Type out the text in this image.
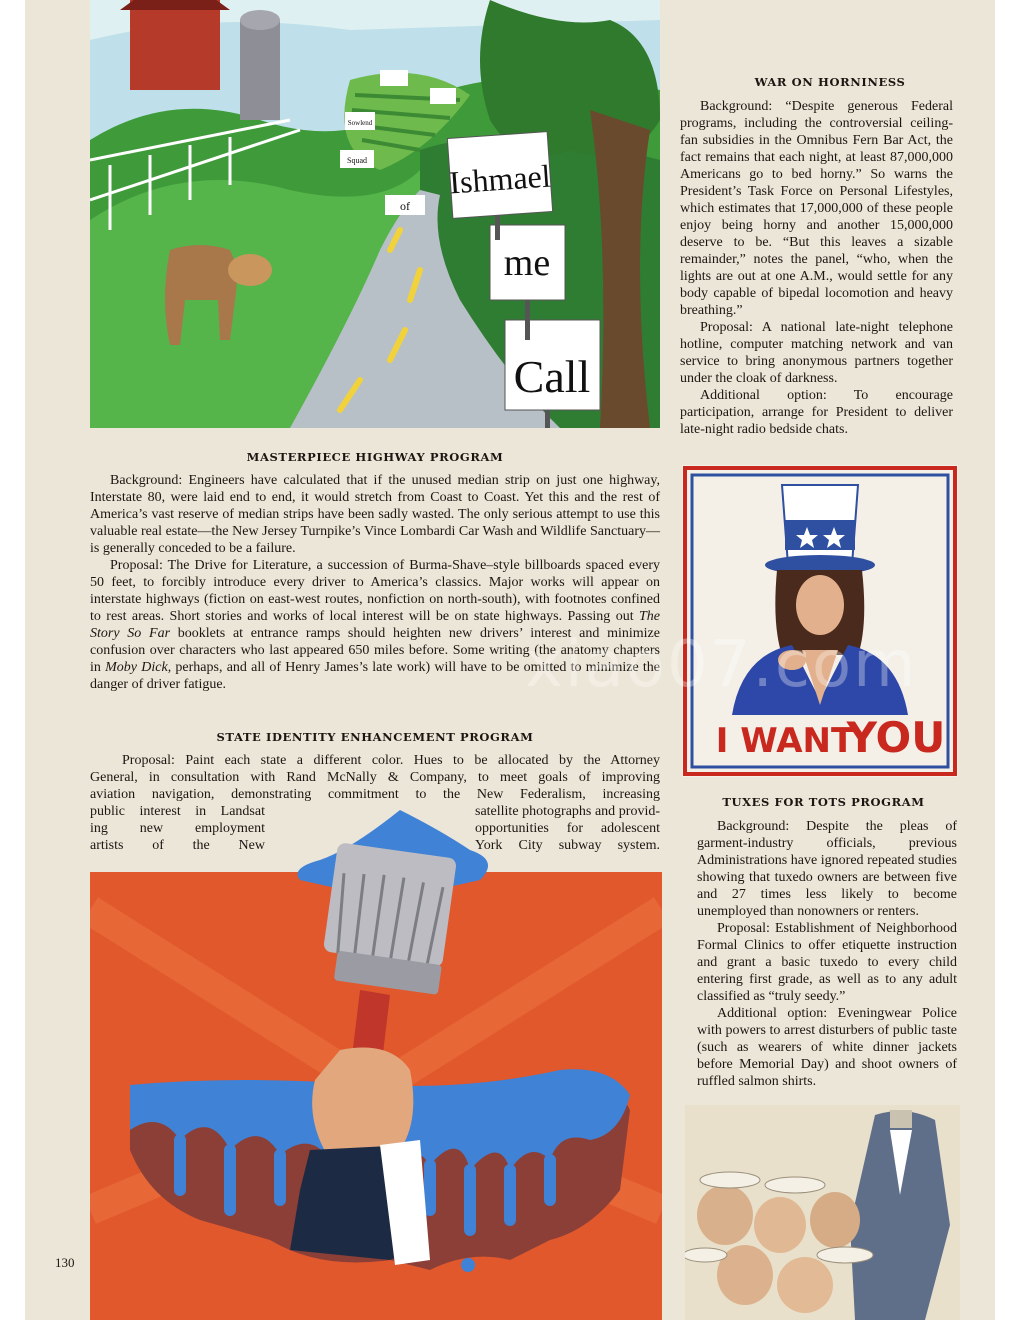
Call
me
Ishmael
of
Squad
Sowlend
WAR ON HORNINESS

Background: “Despite generous Federal programs, including the controversial ceiling-fan subsidies in the Omnibus Fern Bar Act, the fact remains that each night, at least 87,000,000 Americans go to bed horny.” So warns the President’s Task Force on Personal Lifestyles, which estimates that 17,000,000 of these people enjoy being horny and another 15,000,000 deserve to be. “But this leaves a sizable remainder,” notes the panel, “who, when the lights are out at one A.M., would settle for any body capable of bipedal locomotion and heavy breathing.”

Proposal: A national late-night telephone hotline, computer matching network and van service to bring anonymous partners together under the cloak of darkness.

Additional option: To encourage participation, arrange for President to deliver late-night radio bedside chats.

I WANT
YOU
TUXES FOR TOTS PROGRAM

Background: Despite the pleas of garment-industry officials, previous Administrations have ignored repeated studies showing that tuxedo owners are between five and 27 times less likely to become unemployed than nonowners or renters.

Proposal: Establishment of Neighborhood Formal Clinics to offer etiquette instruction and grant a basic tuxedo to every child entering first grade, as well as to any adult classified as “truly seedy.”

Additional option: Eveningwear Police with powers to arrest disturbers of public taste (such as wearers of white dinner jackets before Memorial Day) and shoot owners of ruffled salmon shirts.

MASTERPIECE HIGHWAY PROGRAM

Background: Engineers have calculated that if the unused median strip on just one highway, Interstate 80, were laid end to end, it would stretch from Coast to Coast. Yet this and the rest of America’s vast reserve of median strips have been sadly wasted. The only serious attempt to use this valuable real estate—the New Jersey Turnpike’s Vince Lombardi Car Wash and Wildlife Sanctuary—is generally conceded to be a failure.

Proposal: The Drive for Literature, a succession of Burma-Shave–style billboards spaced every 50 feet, to forcibly introduce every driver to America’s classics. Major works will appear on interstate highways (fiction on east-west routes, nonfiction on north-south), with footnotes confined to rest areas. Short stories and works of local interest will be on state highways. Passing out The Story So Far booklets at entrance ramps should heighten new drivers’ interest and minimize confusion over characters who last appeared 650 miles before. Some writing (the anatomy chapters in Moby Dick, perhaps, and all of Henry James’s late work) will have to be omitted to minimize the danger of driver fatigue.

STATE IDENTITY ENHANCEMENT PROGRAM

Proposal: Paint each state a different color. Hues to be allocated by the Attorney

General, in consultation with Rand McNally & Company, to meet goals of improving

aviation navigation, demonstrating commitment to the New Federalism, increasing

public interest in Landsat

ing new employment

artists of the New

satellite photographs and provid-

opportunities for adolescent

York City subway system.

xiao07.com
130
